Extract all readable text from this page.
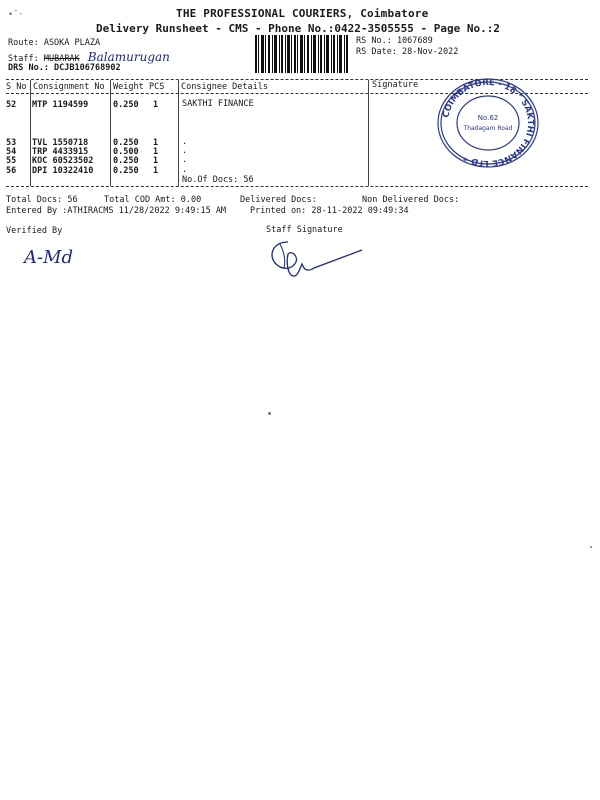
•̄ ·	THE PROFESSIONAL COURIERS, Coimbatore
Delivery Runsheet - CMS - Phone No.:0422-3505555 - Page No.:2
Route: ASOKA PLAZA
Staff: MUBARAK Balamurugan
DRS No.: DCJB106768902
RS No.: 1067689
RS Date: 28-Nov-2022
S No Consignment No Weight PCS Consignee Details	Signature
52 MTP 1194599	0.250 1	SAKTHI FINANCE
53 TVL 1550718	0.250 1	.
54 TRP 4433915	0.500 1	.
55 KOC 60523502 0.250 1	.
56 DPI 10322410 0.250 1	.
No.Of Docs: 56
COIMBATORE - 18 * SAKTHI FINANCE LTD *
No.62
Thadagam Road
Total Docs: 56	Total COD Amt: 0.00	Delivered Docs:	Non Delivered Docs:
Entered By :ATHIRACMS 11/28/2022 9:49:15 AM	Printed on: 28-11-2022 09:49:34
Verified By	Staff Signature
A-Md
